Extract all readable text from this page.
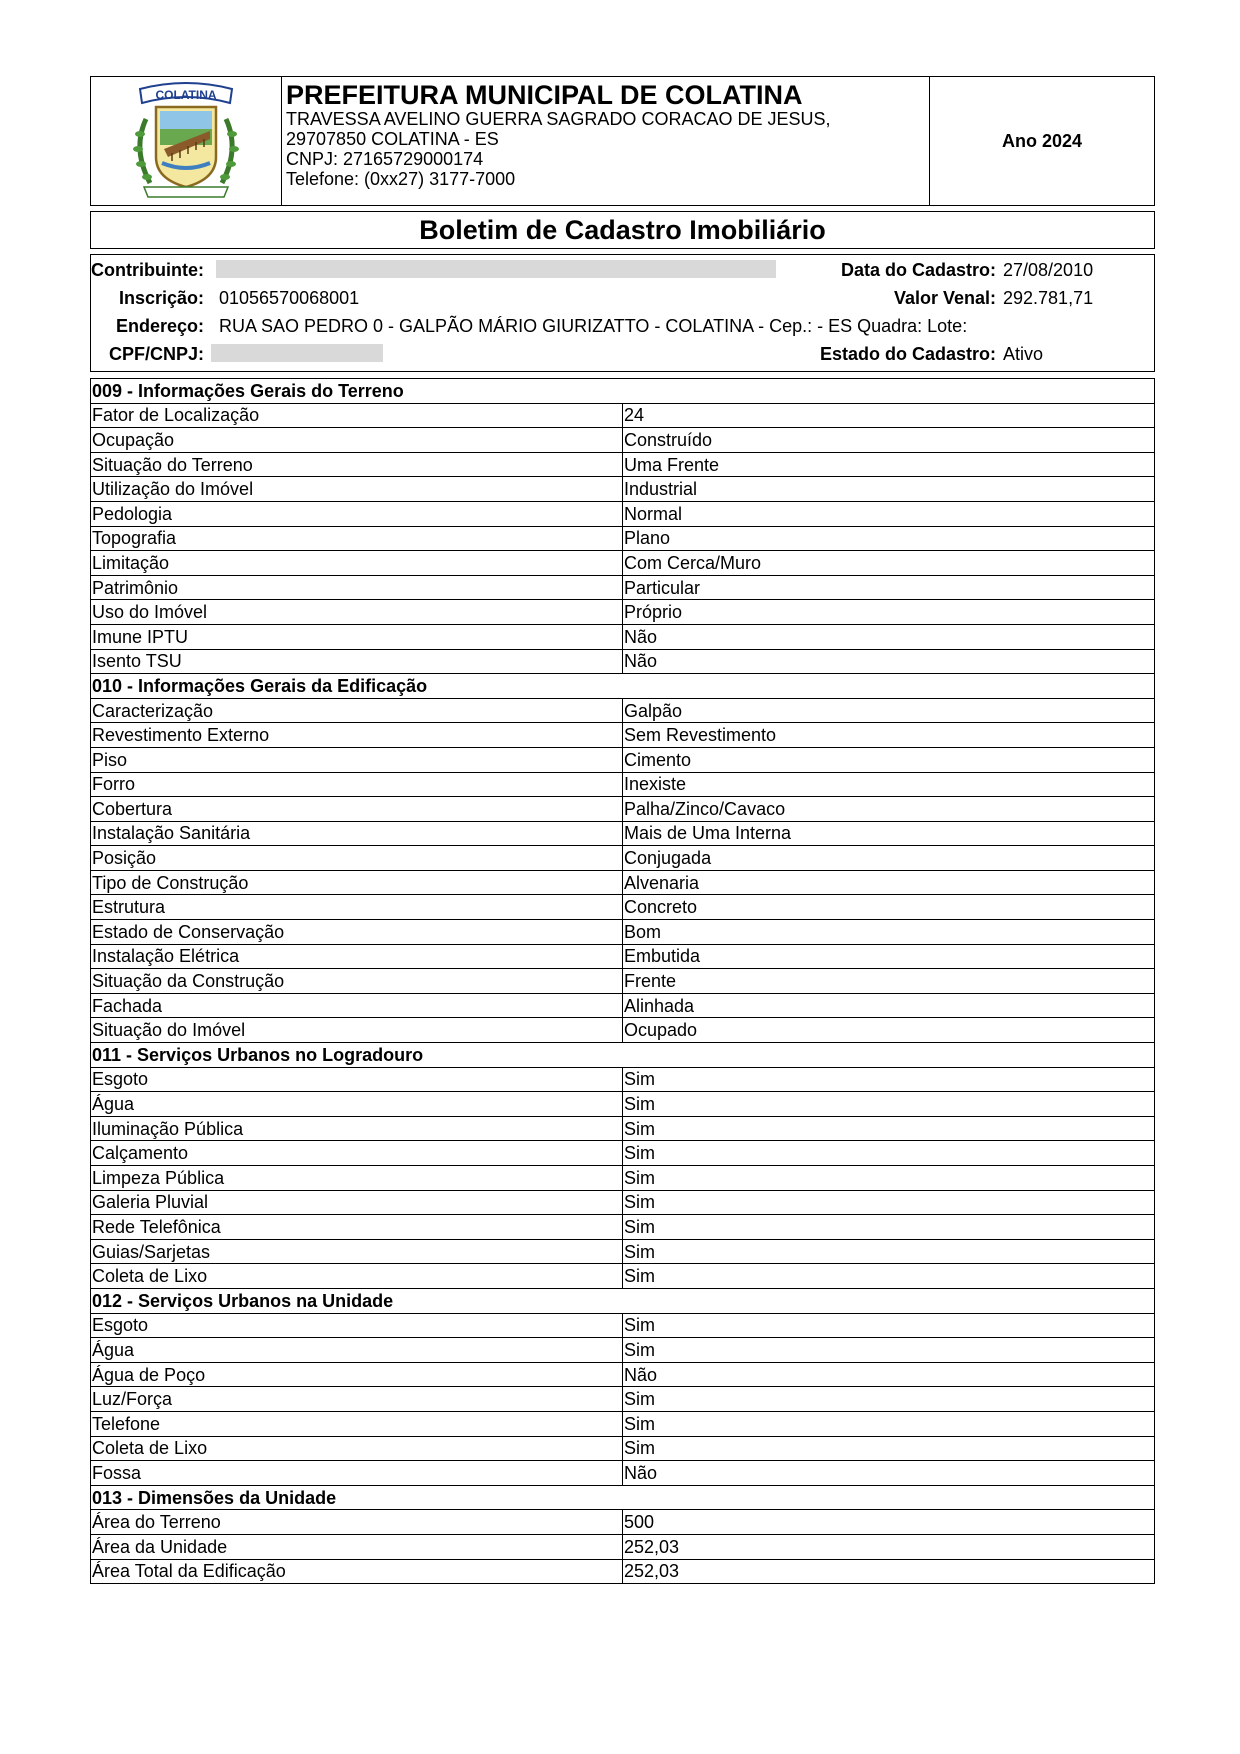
COLATINA	PREFEITURA MUNICIPAL DE COLATINA
TRAVESSA AVELINO GUERRA SAGRADO CORACAO DE JESUS,
29707850 COLATINA - ES
CNPJ: 27165729000174
Telefone: (0xx27) 3177-7000
Ano 2024
Boletim de Cadastro Imobiliário
Contribuinte:	Data do Cadastro: 27/08/2010
Inscrição: 01056570068001	Valor Venal: 292.781,71
Endereço: RUA SAO PEDRO 0 - GALPÃO MÁRIO GIURIZATTO - COLATINA - Cep.: - ES Quadra: Lote:
CPF/CNPJ:	Estado do Cadastro: Ativo
009 - Informações Gerais do Terreno	
Fator de Localização	24
Ocupação	Construído
Situação do Terreno	Uma Frente
Utilização do Imóvel	Industrial
Pedologia	Normal
Topografia	Plano
Limitação	Com Cerca/Muro
Patrimônio	Particular
Uso do Imóvel	Próprio
Imune IPTU	Não
Isento TSU	Não
010 - Informações Gerais da Edificação	
Caracterização	Galpão
Revestimento Externo	Sem Revestimento
Piso	Cimento
Forro	Inexiste
Cobertura	Palha/Zinco/Cavaco
Instalação Sanitária	Mais de Uma Interna
Posição	Conjugada
Tipo de Construção	Alvenaria
Estrutura	Concreto
Estado de Conservação	Bom
Instalação Elétrica	Embutida
Situação da Construção	Frente
Fachada	Alinhada
Situação do Imóvel	Ocupado
011 - Serviços Urbanos no Logradouro	
Esgoto	Sim
Água	Sim
Iluminação Pública	Sim
Calçamento	Sim
Limpeza Pública	Sim
Galeria Pluvial	Sim
Rede Telefônica	Sim
Guias/Sarjetas	Sim
Coleta de Lixo	Sim
012 - Serviços Urbanos na Unidade	
Esgoto	Sim
Água	Sim
Água de Poço	Não
Luz/Força	Sim
Telefone	Sim
Coleta de Lixo	Sim
Fossa	Não
013 - Dimensões da Unidade	
Área do Terreno	500
Área da Unidade	252,03
Área Total da Edificação	252,03
